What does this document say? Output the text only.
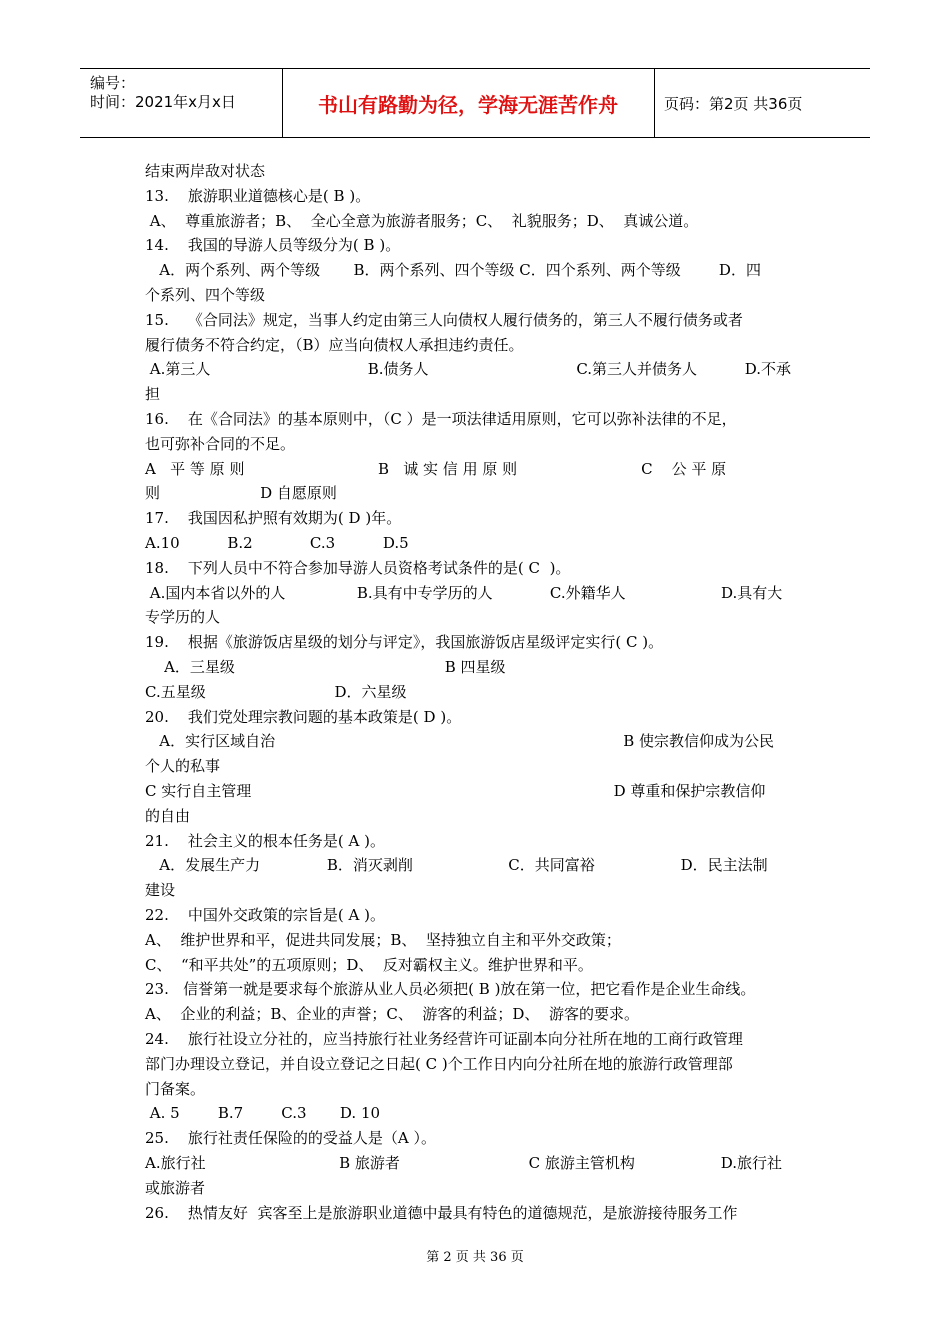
编号：
时间：2021年x月x日	书山有路勤为径，学海无涯苦作舟	页码：第2页 共36页
结束两岸敌对状态
13.    旅游职业道德核心是( B )。
A、  尊重旅游者；B、  全心全意为旅游者服务；C、  礼貌服务；D、  真诚公道。
14.    我国的导游人员等级分为( B )。
A．两个系列、两个等级       B．两个系列、四个等级 C．四个系列、两个等级        D．四
个系列、四个等级
15.    《合同法》规定，当事人约定由第三人向债权人履行债务的，第三人不履行债务或者
履行债务不符合约定，（B）应当向债权人承担违约责任。
A.第三人                                 B.债务人                               C.第三人并债务人          D.不承
担
16.    在《合同法》的基本原则中，（C ）是一项法律适用原则，它可以弥补法律的不足，
也可弥补合同的不足。
A   平 等 原 则                            B   诚 实 信 用 原 则                          C    公 平 原
则                     D 自愿原则
17.    我国因私护照有效期为( D )年。
A.10          B.2            C.3          D.5
18.    下列人员中不符合参加导游人员资格考试条件的是( C  )。
A.国内本省以外的人               B.具有中专学历的人            C.外籍华人                    D.具有大
专学历的人
19.    根据《旅游饭店星级的划分与评定》，我国旅游饭店星级评定实行( C )。
A．三星级                                            B 四星级
C.五星级                           D．六星级
20.    我们党处理宗教问题的基本政策是( D )。
A．实行区域自治                                                                         B 使宗教信仰成为公民
个人的私事
C 实行自主管理                                                                            D 尊重和保护宗教信仰
的自由
21.    社会主义的根本任务是( A )。
A．发展生产力              B．消灭剥削                    C．共同富裕                  D．民主法制
建设
22.    中国外交政策的宗旨是( A )。
A、  维护世界和平，促进共同发展；B、  坚持独立自主和平外交政策；
C、  “和平共处”的五项原则；D、  反对霸权主义。维护世界和平。
23.   信誉第一就是要求每个旅游从业人员必须把( B )放在第一位，把它看作是企业生命线。
A、  企业的利益；B、企业的声誉；C、  游客的利益；D、  游客的要求。
24.    旅行社设立分社的，应当持旅行社业务经营许可证副本向分社所在地的工商行政管理
部门办理设立登记，并自设立登记之日起( C )个工作日内向分社所在地的旅游行政管理部
门备案。
A. 5        B.7        C.3       D. 10
25.    旅行社责任保险的的受益人是（A ）。
A.旅行社                            B 旅游者                           C 旅游主管机构                  D.旅行社
或旅游者
26.    热情友好  宾客至上是旅游职业道德中最具有特色的道德规范，是旅游接待服务工作
第 2 页 共 36 页
